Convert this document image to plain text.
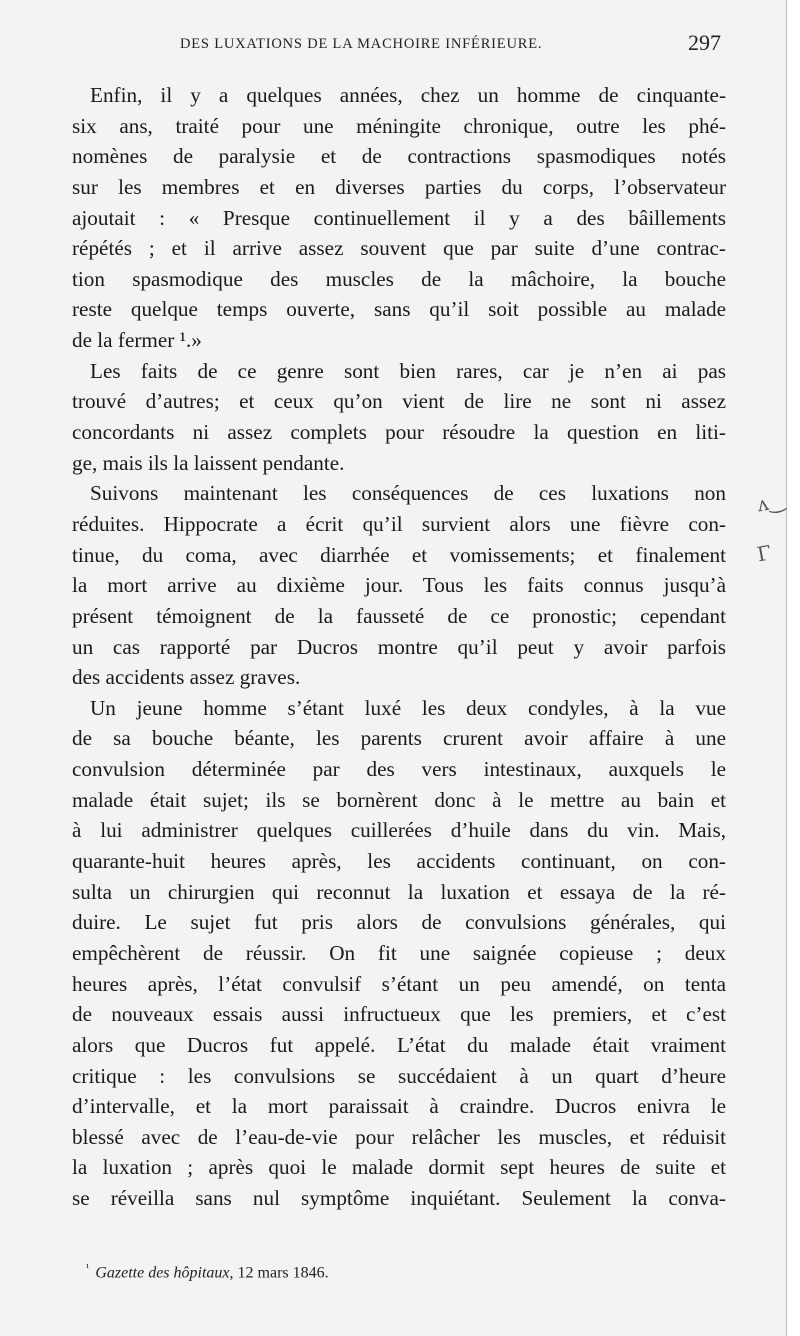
DES LUXATIONS DE LA MACHOIRE INFÉRIEURE.	297
Enfin, il y a quelques années, chez un homme de cinquante-
six ans, traité pour une méningite chronique, outre les phé-
nomènes de paralysie et de contractions spasmodiques notés
sur les membres et en diverses parties du corps, l’observateur
ajoutait : « Presque continuellement il y a des bâillements
répétés ; et il arrive assez souvent que par suite d’une contrac-
tion spasmodique des muscles de la mâchoire, la bouche
reste quelque temps ouverte, sans qu’il soit possible au malade
de la fermer ¹.»
Les faits de ce genre sont bien rares, car je n’en ai pas
trouvé d’autres; et ceux qu’on vient de lire ne sont ni assez
concordants ni assez complets pour résoudre la question en liti-
ge, mais ils la laissent pendante.
Suivons maintenant les conséquences de ces luxations non
réduites. Hippocrate a écrit qu’il survient alors une fièvre con-
tinue, du coma, avec diarrhée et vomissements; et finalement
la mort arrive au dixième jour. Tous les faits connus jusqu’à
présent témoignent de la fausseté de ce pronostic; cependant
un cas rapporté par Ducros montre qu’il peut y avoir parfois
des accidents assez graves.
Un jeune homme s’étant luxé les deux condyles, à la vue
de sa bouche béante, les parents crurent avoir affaire à une
convulsion déterminée par des vers intestinaux, auxquels le
malade était sujet; ils se bornèrent donc à le mettre au bain et
à lui administrer quelques cuillerées d’huile dans du vin. Mais,
quarante-huit heures après, les accidents continuant, on con-
sulta un chirurgien qui reconnut la luxation et essaya de la ré-
duire. Le sujet fut pris alors de convulsions générales, qui
empêchèrent de réussir. On fit une saignée copieuse ; deux
heures après, l’état convulsif s’étant un peu amendé, on tenta
de nouveaux essais aussi infructueux que les premiers, et c’est
alors que Ducros fut appelé. L’état du malade était vraiment
critique : les convulsions se succédaient à un quart d’heure
d’intervalle, et la mort paraissait à craindre. Ducros enivra le
blessé avec de l’eau-de-vie pour relâcher les muscles, et réduisit
la luxation ; après quoi le malade dormit sept heures de suite et
se réveilla sans nul symptôme inquiétant. Seulement la conva-
$^{^1}$ Gazette des hôpitaux, 12 mars 1846.
ʌ‿
Γ
